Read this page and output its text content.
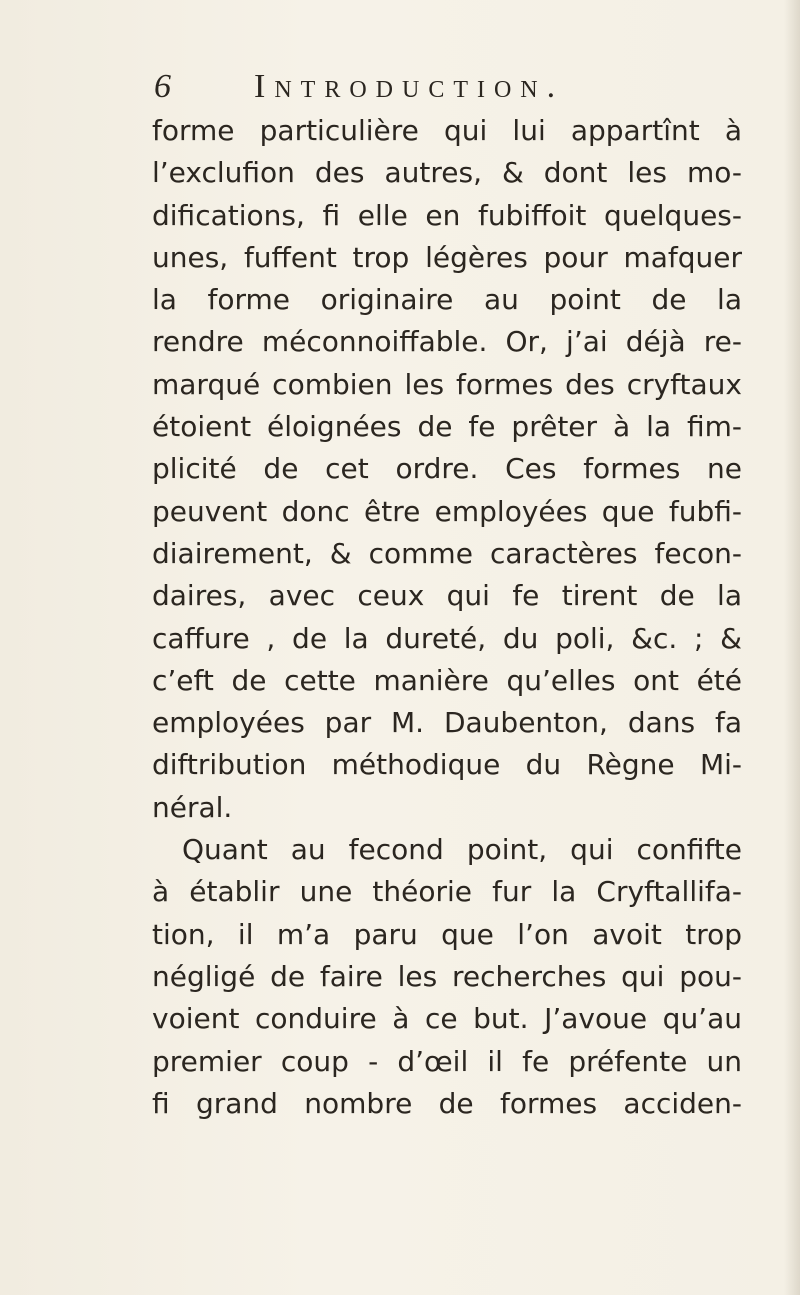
6 Introduction.
forme particulière qui lui appartînt à
l’exclufion des autres, & dont les mo-
difications, fi elle en fubiffoit quelques-
unes, fuffent trop légères pour mafquer
la forme originaire au point de la
rendre méconnoiffable. Or, j’ai déjà re-
marqué combien les formes des cryftaux
étoient éloignées de fe prêter à la fim-
plicité de cet ordre. Ces formes ne
peuvent donc être employées que fubfi-
diairement, & comme caractères fecon-
daires, avec ceux qui fe tirent de la
caffure , de la dureté, du poli, &c. ; &
c’eft de cette manière qu’elles ont été
employées par M. Daubenton, dans fa
diftribution méthodique du Règne Mi-
néral.
Quant au fecond point, qui confifte
à établir une théorie fur la Cryftallifa-
tion, il m’a paru que l’on avoit trop
négligé de faire les recherches qui pou-
voient conduire à ce but. J’avoue qu’au
premier coup - d’œil il fe préfente un
fi grand nombre de formes acciden-
